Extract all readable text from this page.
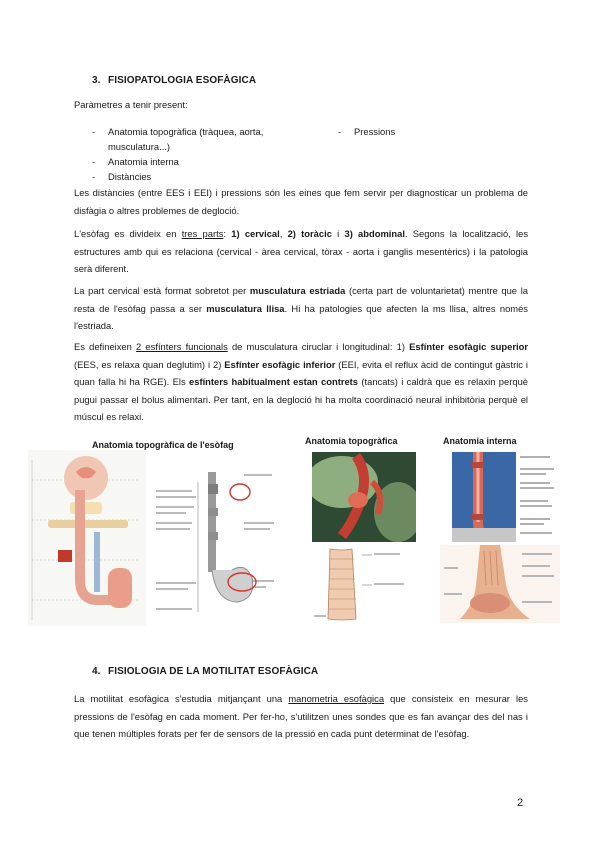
3. FISIOPATOLOGIA ESOFÀGICA
Paràmetres a tenir present:
- Anatomia topogràfica (tràquea, aorta,
musculatura...)
- Anatomia interna
- Distàncies
- Pressions
Les distàncies (entre EES i EEI) i pressions són les eines que fem servir per diagnosticar un problema de disfàgia o altres problemes de degloció.
L'esòfag es divideix en tres parts: 1) cervical, 2) toràcic i 3) abdominal. Segons la localització, les estructures amb qui es relaciona (cervical - àrea cervical, tòrax - aorta i ganglis mesentèrics) i la patologia serà diferent.
La part cervical està format sobretot per musculatura estriada (certa part de voluntarietat) mentre que la resta de l'esòfag passa a ser musculatura llisa. Hi ha patologies que afecten la ms llisa, altres només l'estriada.
Es defineixen 2 esfínters funcionals de musculatura ciruclar i longitudinal: 1) Esfínter esofàgic superior (EES, es relaxa quan deglutim) i 2) Esfínter esofàgic inferior (EEI, evita el reflux àcid de contingut gàstric i quan falla hi ha RGE). Els esfínters habitualment estan contrets (tancats) i caldrà que es relaxin perquè pugui passar el bolus alimentari. Per tant, en la degloció hi ha molta coordinació neural inhibitòria perquè el múscul es relaxi.
Anatomia topogràfica de l'esòfag	Anatomia topogràfica	Anatomia interna
4. FISIOLOGIA DE LA MOTILITAT ESOFÀGICA
La motilitat esofàgica s'estudia mitjançant una manometria esofàgica que consisteix en mesurar les pressions de l'esòfag en cada moment. Per fer-ho, s'utilitzen unes sondes que es fan avançar des del nas i que tenen múltiples forats per fer de sensors de la pressió en cada punt determinat de l'esòfag.
2
